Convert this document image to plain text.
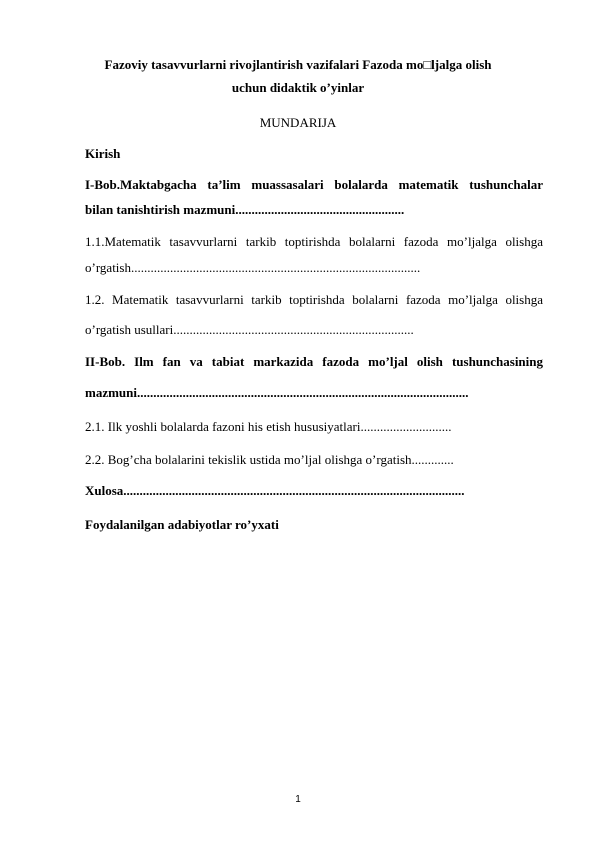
Fazoviy tasavvurlarni rivojlantirish vazifalari Fazoda mo□ljalga olish
uchun didaktik o’yinlar
MUNDARIJA
Kirish
I-Bob.Maktabgacha ta’lim muassasalari bolalarda matematik tushunchalar
bilan tanishtirish mazmuni....................................................
1.1.Matematik tasavvurlarni tarkib toptirishda bolalarni fazoda mo’ljalga olishga
o’rgatish.........................................................................................
1.2. Matematik tasavvurlarni tarkib toptirishda bolalarni fazoda mo’ljalga olishga
o’rgatish usullari..........................................................................
II-Bob. Ilm fan va tabiat markazida fazoda mo’ljal olish tushunchasining
mazmuni......................................................................................................
2.1. Ilk yoshli bolalarda fazoni his etish hususiyatlari............................
2.2. Bog’cha bolalarini tekislik ustida mo’ljal olishga o’rgatish.............
Xulosa.........................................................................................................
Foydalanilgan adabiyotlar ro’yxati
1
